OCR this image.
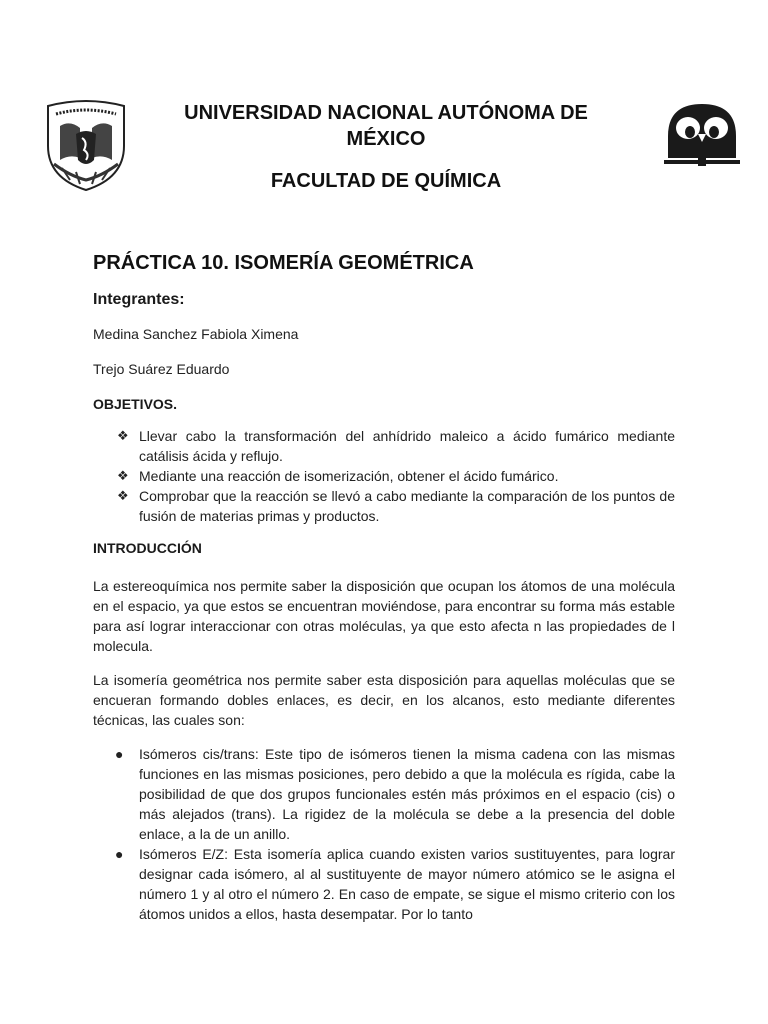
UNIVERSIDAD NACIONAL AUTÓNOMA DE MÉXICO
FACULTAD DE QUÍMICA
PRÁCTICA 10. ISOMERÍA GEOMÉTRICA
Integrantes:
Medina Sanchez Fabiola Ximena
Trejo Suárez Eduardo
OBJETIVOS.
❖ Llevar cabo la transformación del anhídrido maleico a ácido fumárico mediante catálisis ácida y reflujo.
❖ Mediante una reacción de isomerización, obtener el ácido fumárico.
❖ Comprobar que la reacción se llevó a cabo mediante la comparación de los puntos de fusión de materias primas y productos.
INTRODUCCIÓN

La estereoquímica nos permite saber la disposición que ocupan los átomos de una molécula en el espacio, ya que estos se encuentran moviéndose, para encontrar su forma más estable para así lograr interaccionar con otras moléculas, ya que esto afecta n las propiedades de l molecula.

La isomería geométrica nos permite saber esta disposición para aquellas moléculas que se encueran formando dobles enlaces, es decir, en los alcanos, esto mediante diferentes técnicas, las cuales son:

● Isómeros cis/trans: Este tipo de isómeros tienen la misma cadena con las mismas funciones en las mismas posiciones, pero debido a que la molécula es rígida, cabe la posibilidad de que dos grupos funcionales estén más próximos en el espacio (cis) o más alejados (trans). La rigidez de la molécula se debe a la presencia del doble enlace, a la de un anillo.
● Isómeros E/Z: Esta isomería aplica cuando existen varios sustituyentes, para lograr designar cada isómero, al al sustituyente de mayor número atómico se le asigna el número 1 y al otro el número 2. En caso de empate, se sigue el mismo criterio con los átomos unidos a ellos, hasta desempatar. Por lo tanto
